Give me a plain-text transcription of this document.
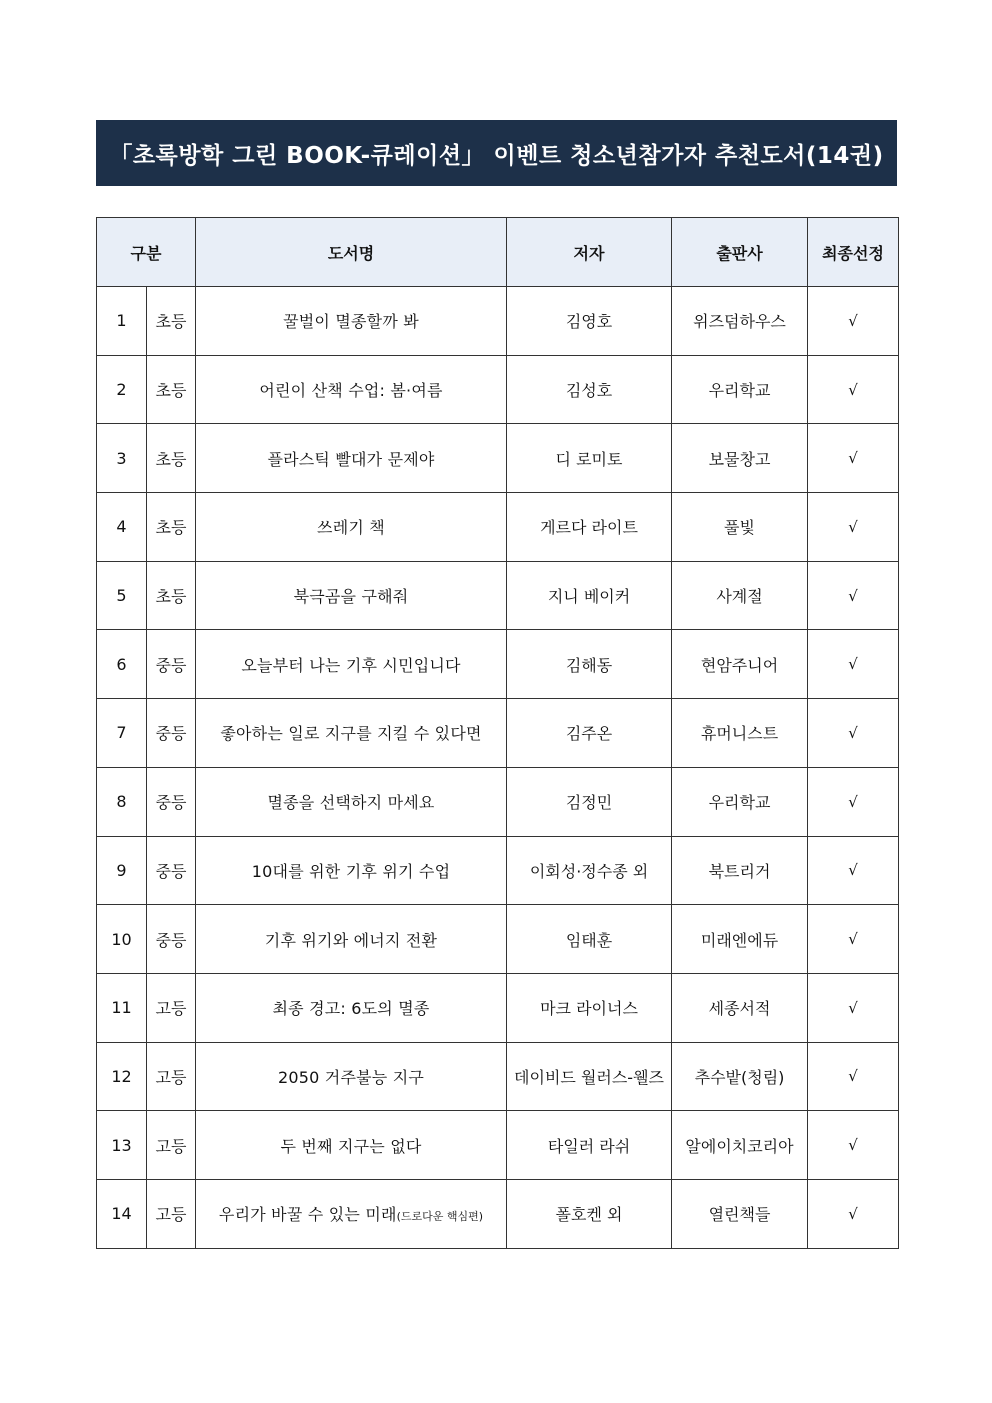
「초록방학 그린 BOOK-큐레이션」 이벤트 청소년참가자 추천도서(14권)
구분		도서명	저자	출판사	최종선정
1	초등	꿀벌이 멸종할까 봐	김영호	위즈덤하우스	√
2	초등	어린이 산책 수업: 봄·여름	김성호	우리학교	√
3	초등	플라스틱 빨대가 문제야	디 로미토	보물창고	√
4	초등	쓰레기 책	게르다 라이트	풀빛	√
5	초등	북극곰을 구해줘	지니 베이커	사계절	√
6	중등	오늘부터 나는 기후 시민입니다	김해동	현암주니어	√
7	중등	좋아하는 일로 지구를 지킬 수 있다면	김주온	휴머니스트	√
8	중등	멸종을 선택하지 마세요	김정민	우리학교	√
9	중등	10대를 위한 기후 위기 수업	이회성·정수종 외	북트리거	√
10	중등	기후 위기와 에너지 전환	임태훈	미래엔에듀	√
11	고등	최종 경고: 6도의 멸종	마크 라이너스	세종서적	√
12	고등	2050 거주불능 지구	데이비드 월러스-웰즈	추수밭(청림)	√
13	고등	두 번째 지구는 없다	타일러 라쉬	알에이치코리아	√
14	고등	우리가 바꿀 수 있는 미래(드로다운 핵심편)	폴호켄 외	열린책들	√
